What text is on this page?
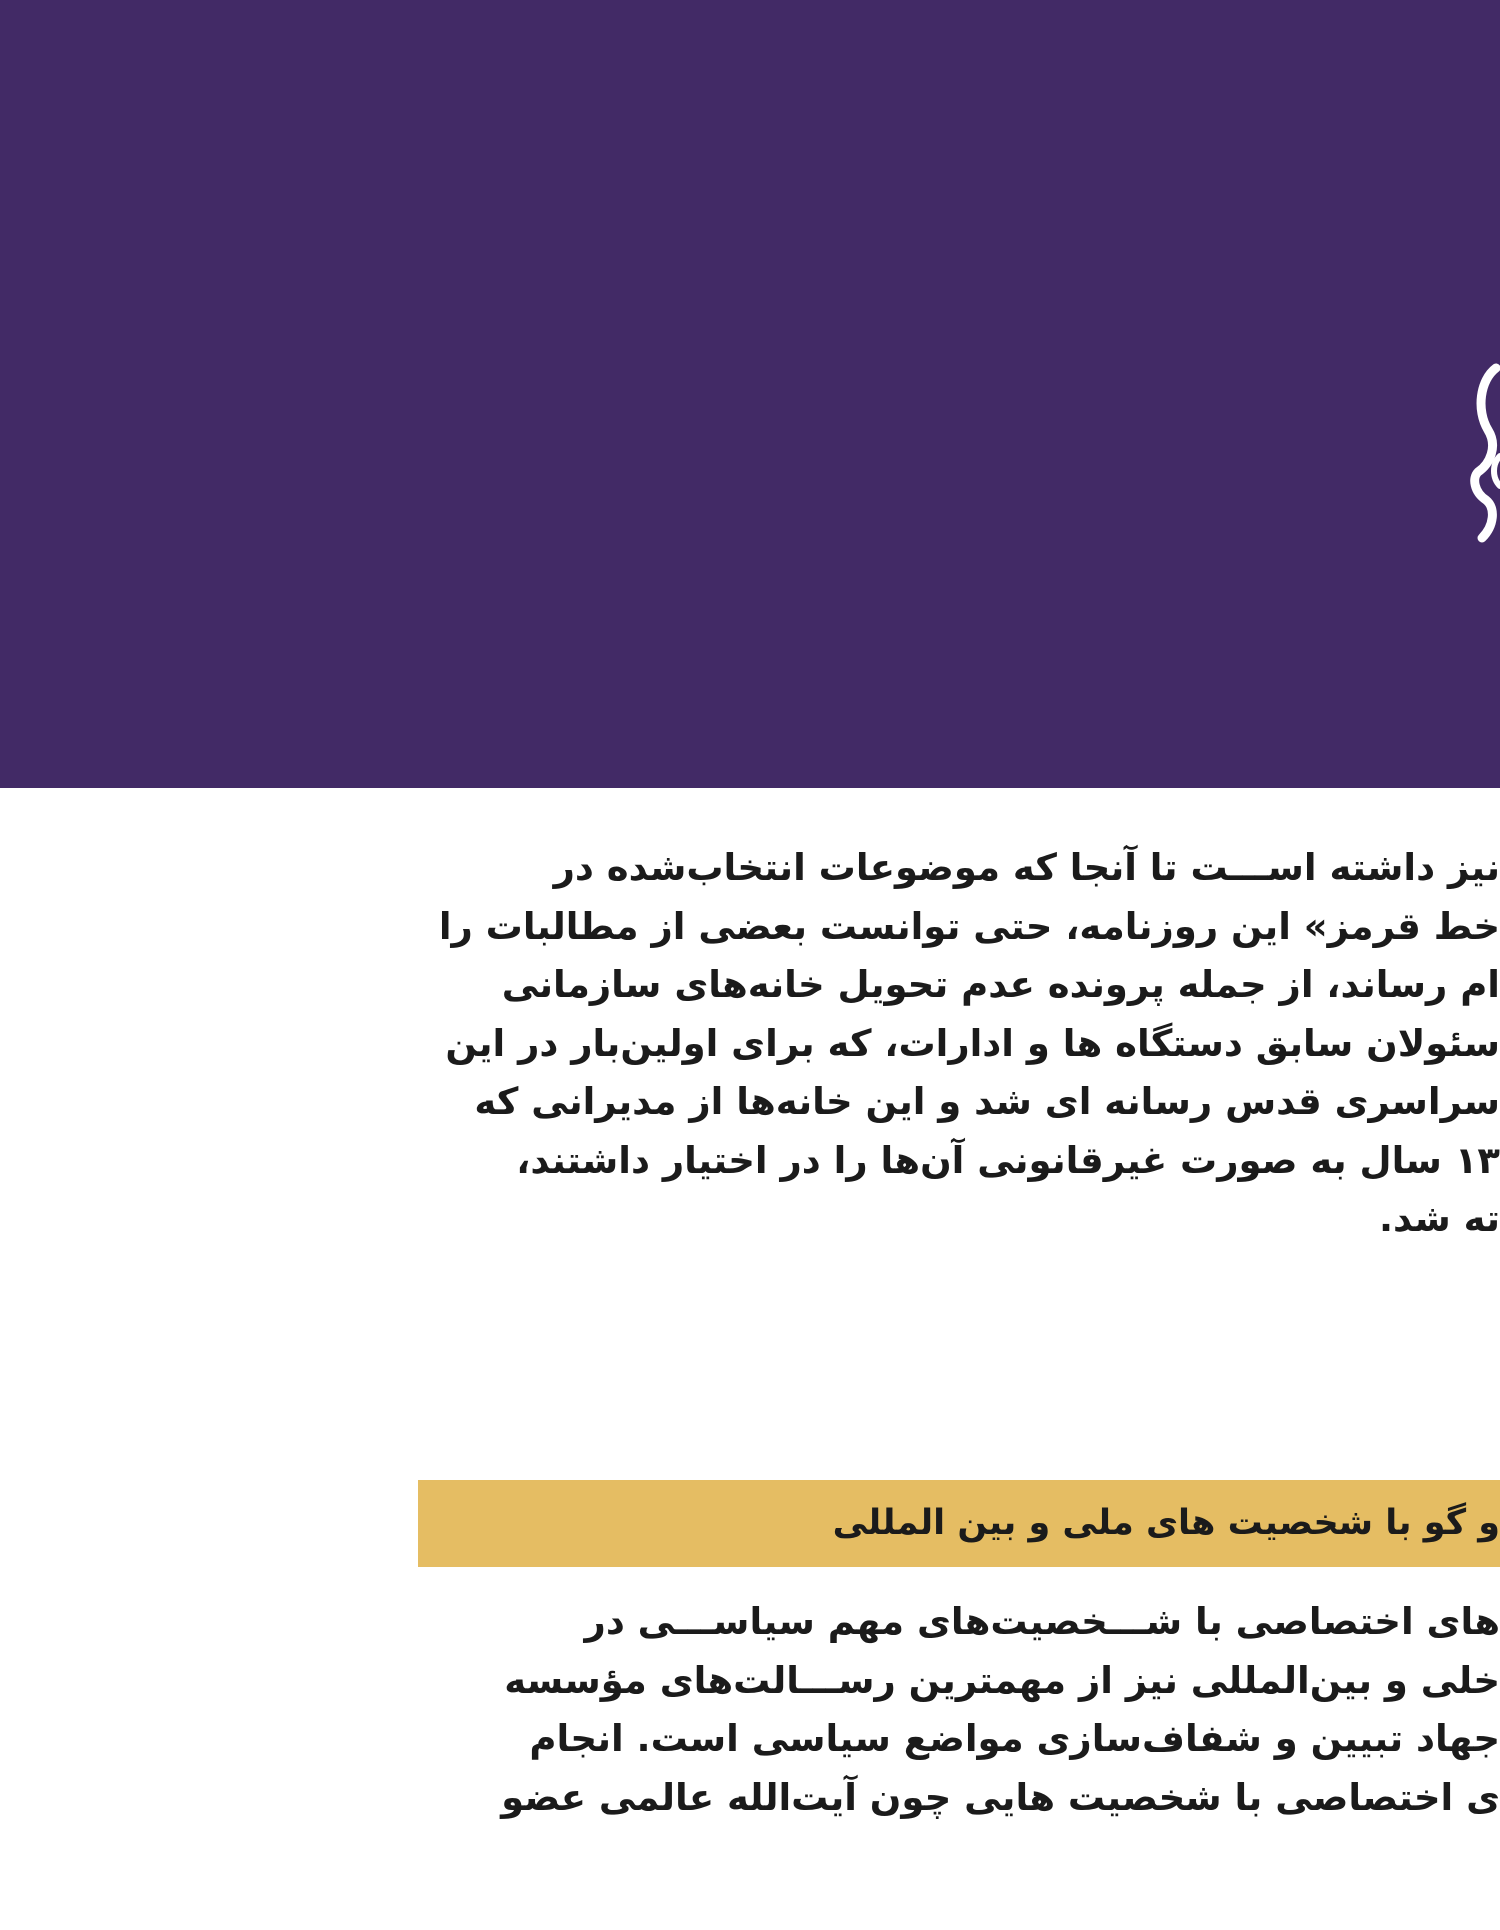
نیز داشته اســـت تا آنجا که موضوعات انتخاب‌شده در
خط قرمز» این روزنامه، حتی توانست بعضی از مطالبات را
ام رساند، از جمله پرونده عدم تحویل خانه‌های سازمانی
سئولان سابق دستگاه ها و ادارات، که برای اولین‌بار در این
سراسری قدس رسانه ای شد و این خانه‌ها از مدیرانی که
۱۳ سال به صورت غیرقانونی آن‌ها را در اختیار داشتند،
ته شد.
و گو با شخصیت های ملی و بین المللی
‌های اختصاصی با شـــخصیت‌های مهم سیاســـی در
خلی و بین‌المللی نیز از مهمترین رســـالت‌های مؤسسه
جهاد تبیین و شفاف‌سازی مواضع سیاسی است. انجام
ی اختصاصی با شخصیت هایی چون آیت‌الله عالمی عضو
